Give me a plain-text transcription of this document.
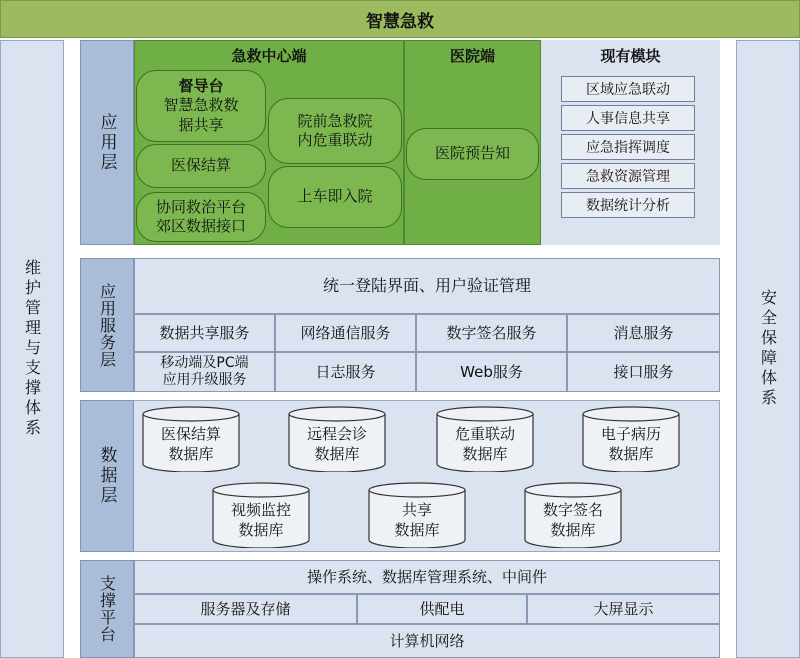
智慧急救
维护管理与支撑体系	安全保障体系
应用层
急救中心端
督导台
智慧急救数
据共享
医保结算
协同救治平台
郊区数据接口
院前急救院
内危重联动
上车即入院
医院端
医院预告知
现有模块
区域应急联动
人事信息共享
应急指挥调度
急救资源管理
数据统计分析
应用服务层	统一登陆界面、用户验证管理
数据共享服务	网络通信服务	数字签名服务	消息服务
移动端及PC端
应用升级服务	日志服务	Web服务	接口服务
数据层
医保结算
数据库
远程会诊
数据库
危重联动
数据库
电子病历
数据库
视频监控
数据库
共享
数据库
数字签名
数据库
支撑平台	操作系统、数据库管理系统、中间件
服务器及存储	供配电	大屏显示
计算机网络
